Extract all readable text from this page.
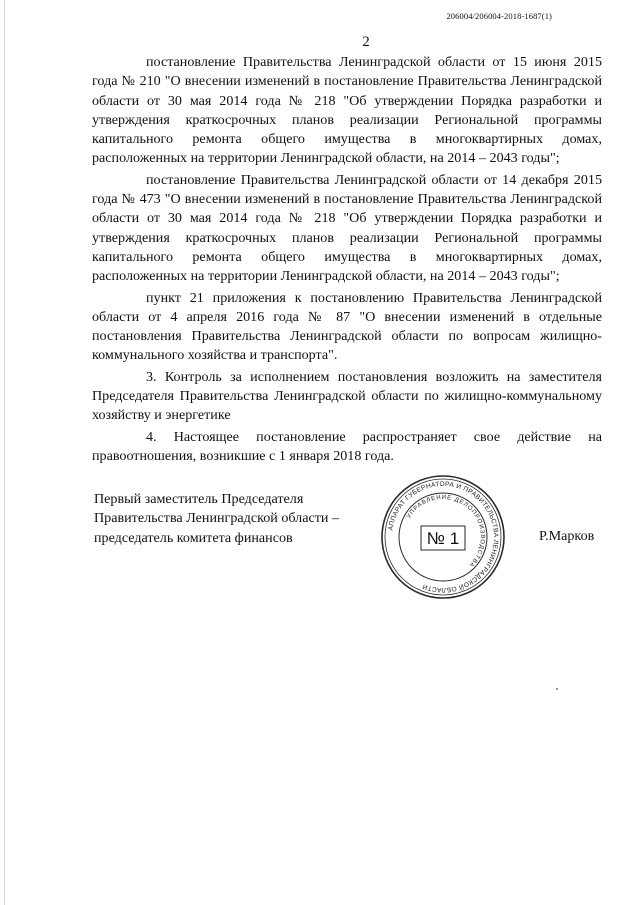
206004/206004-2018-1687(1)
2

постановление Правительства Ленинградской области от 15 июня 2015 года № 210 "О внесении изменений в постановление Правительства Ленинградской области от 30 мая 2014 года № 218 "Об утверждении Порядка разработки и утверждения краткосрочных планов реализации Региональной программы капитального ремонта общего имущества в многоквартирных домах, расположенных на территории Ленинградской области, на 2014 – 2043 годы";

постановление Правительства Ленинградской области от 14 декабря 2015 года № 473 "О внесении изменений в постановление Правительства Ленинградской области от 30 мая 2014 года № 218 "Об утверждении Порядка разработки и утверждения краткосрочных планов реализации Региональной программы капитального ремонта общего имущества в многоквартирных домах, расположенных на территории Ленинградской области, на 2014 – 2043 годы";

пункт 21 приложения к постановлению Правительства Ленинградской области от 4 апреля 2016 года № 87 "О внесении изменений в отдельные постановления Правительства Ленинградской области по вопросам жилищно-коммунального хозяйства и транспорта".

3. Контроль за исполнением постановления возложить на заместителя Председателя Правительства Ленинградской области по жилищно-коммунальному хозяйству и энергетике

4. Настоящее постановление распространяет свое действие на правоотношения, возникшие с 1 января 2018 года.

Первый заместитель Председателя
Правительства Ленинградской области –
председатель комитета финансов
АППАРАТ ГУБЕРНАТОРА И ПРАВИТЕЛЬСТВА ЛЕНИНГРАДСКОЙ ОБЛАСТИ
УПРАВЛЕНИЕ ДЕЛОПРОИЗВОДСТВА
№ 1	Р.Марков
